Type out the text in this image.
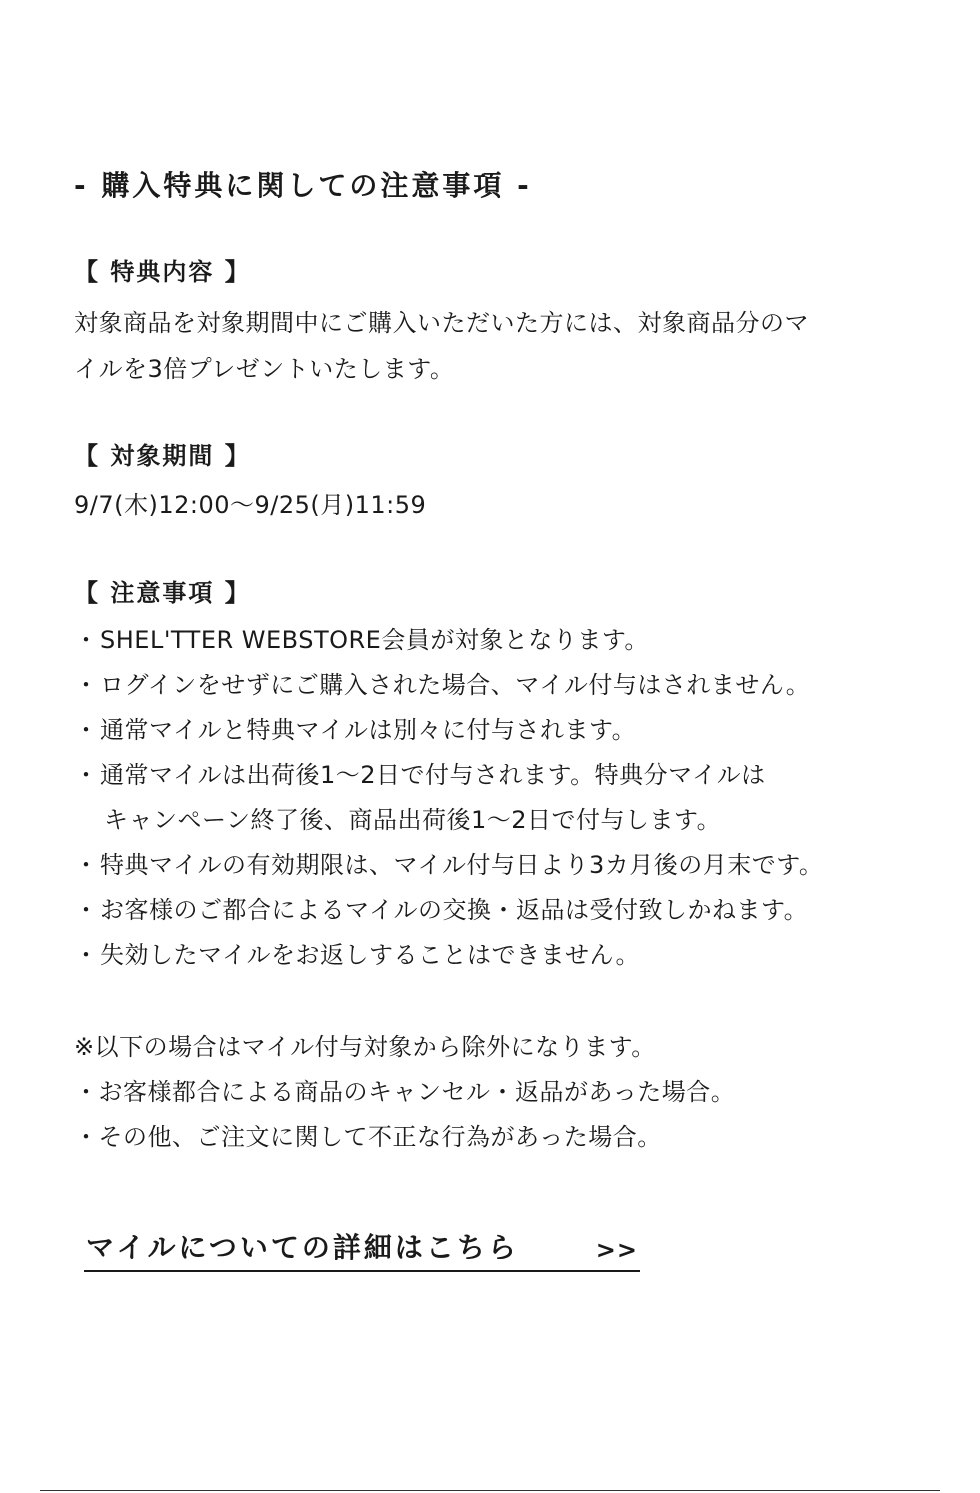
- 購入特典に関しての注意事項 -
【 特典内容 】

対象商品を対象期間中にご購入いただいた方には、対象商品分のマ
イルを3倍プレゼントいたします。

【 対象期間 】

9/7(木)12:00〜9/25(月)11:59

【 注意事項 】
・ SHEL'TTER WEBSTORE会員が対象となります。
・ ログインをせずにご購入された場合、マイル付与はされません。
・ 通常マイルと特典マイルは別々に付与されます。
・ 通常マイルは出荷後1〜2日で付与されます。特典分マイルは
キャンペーン終了後、商品出荷後1〜2日で付与します。
・ 特典マイルの有効期限は、マイル付与日より3カ月後の月末です。
・ お客様のご都合によるマイルの交換・返品は受付致しかねます。
・ 失効したマイルをお返しすることはできません。
※以下の場合はマイル付与対象から除外になります。
・お客様都合による商品のキャンセル・返品があった場合。
・その他、ご注文に関して不正な行為があった場合。
マイルについての詳細はこちら	>>
